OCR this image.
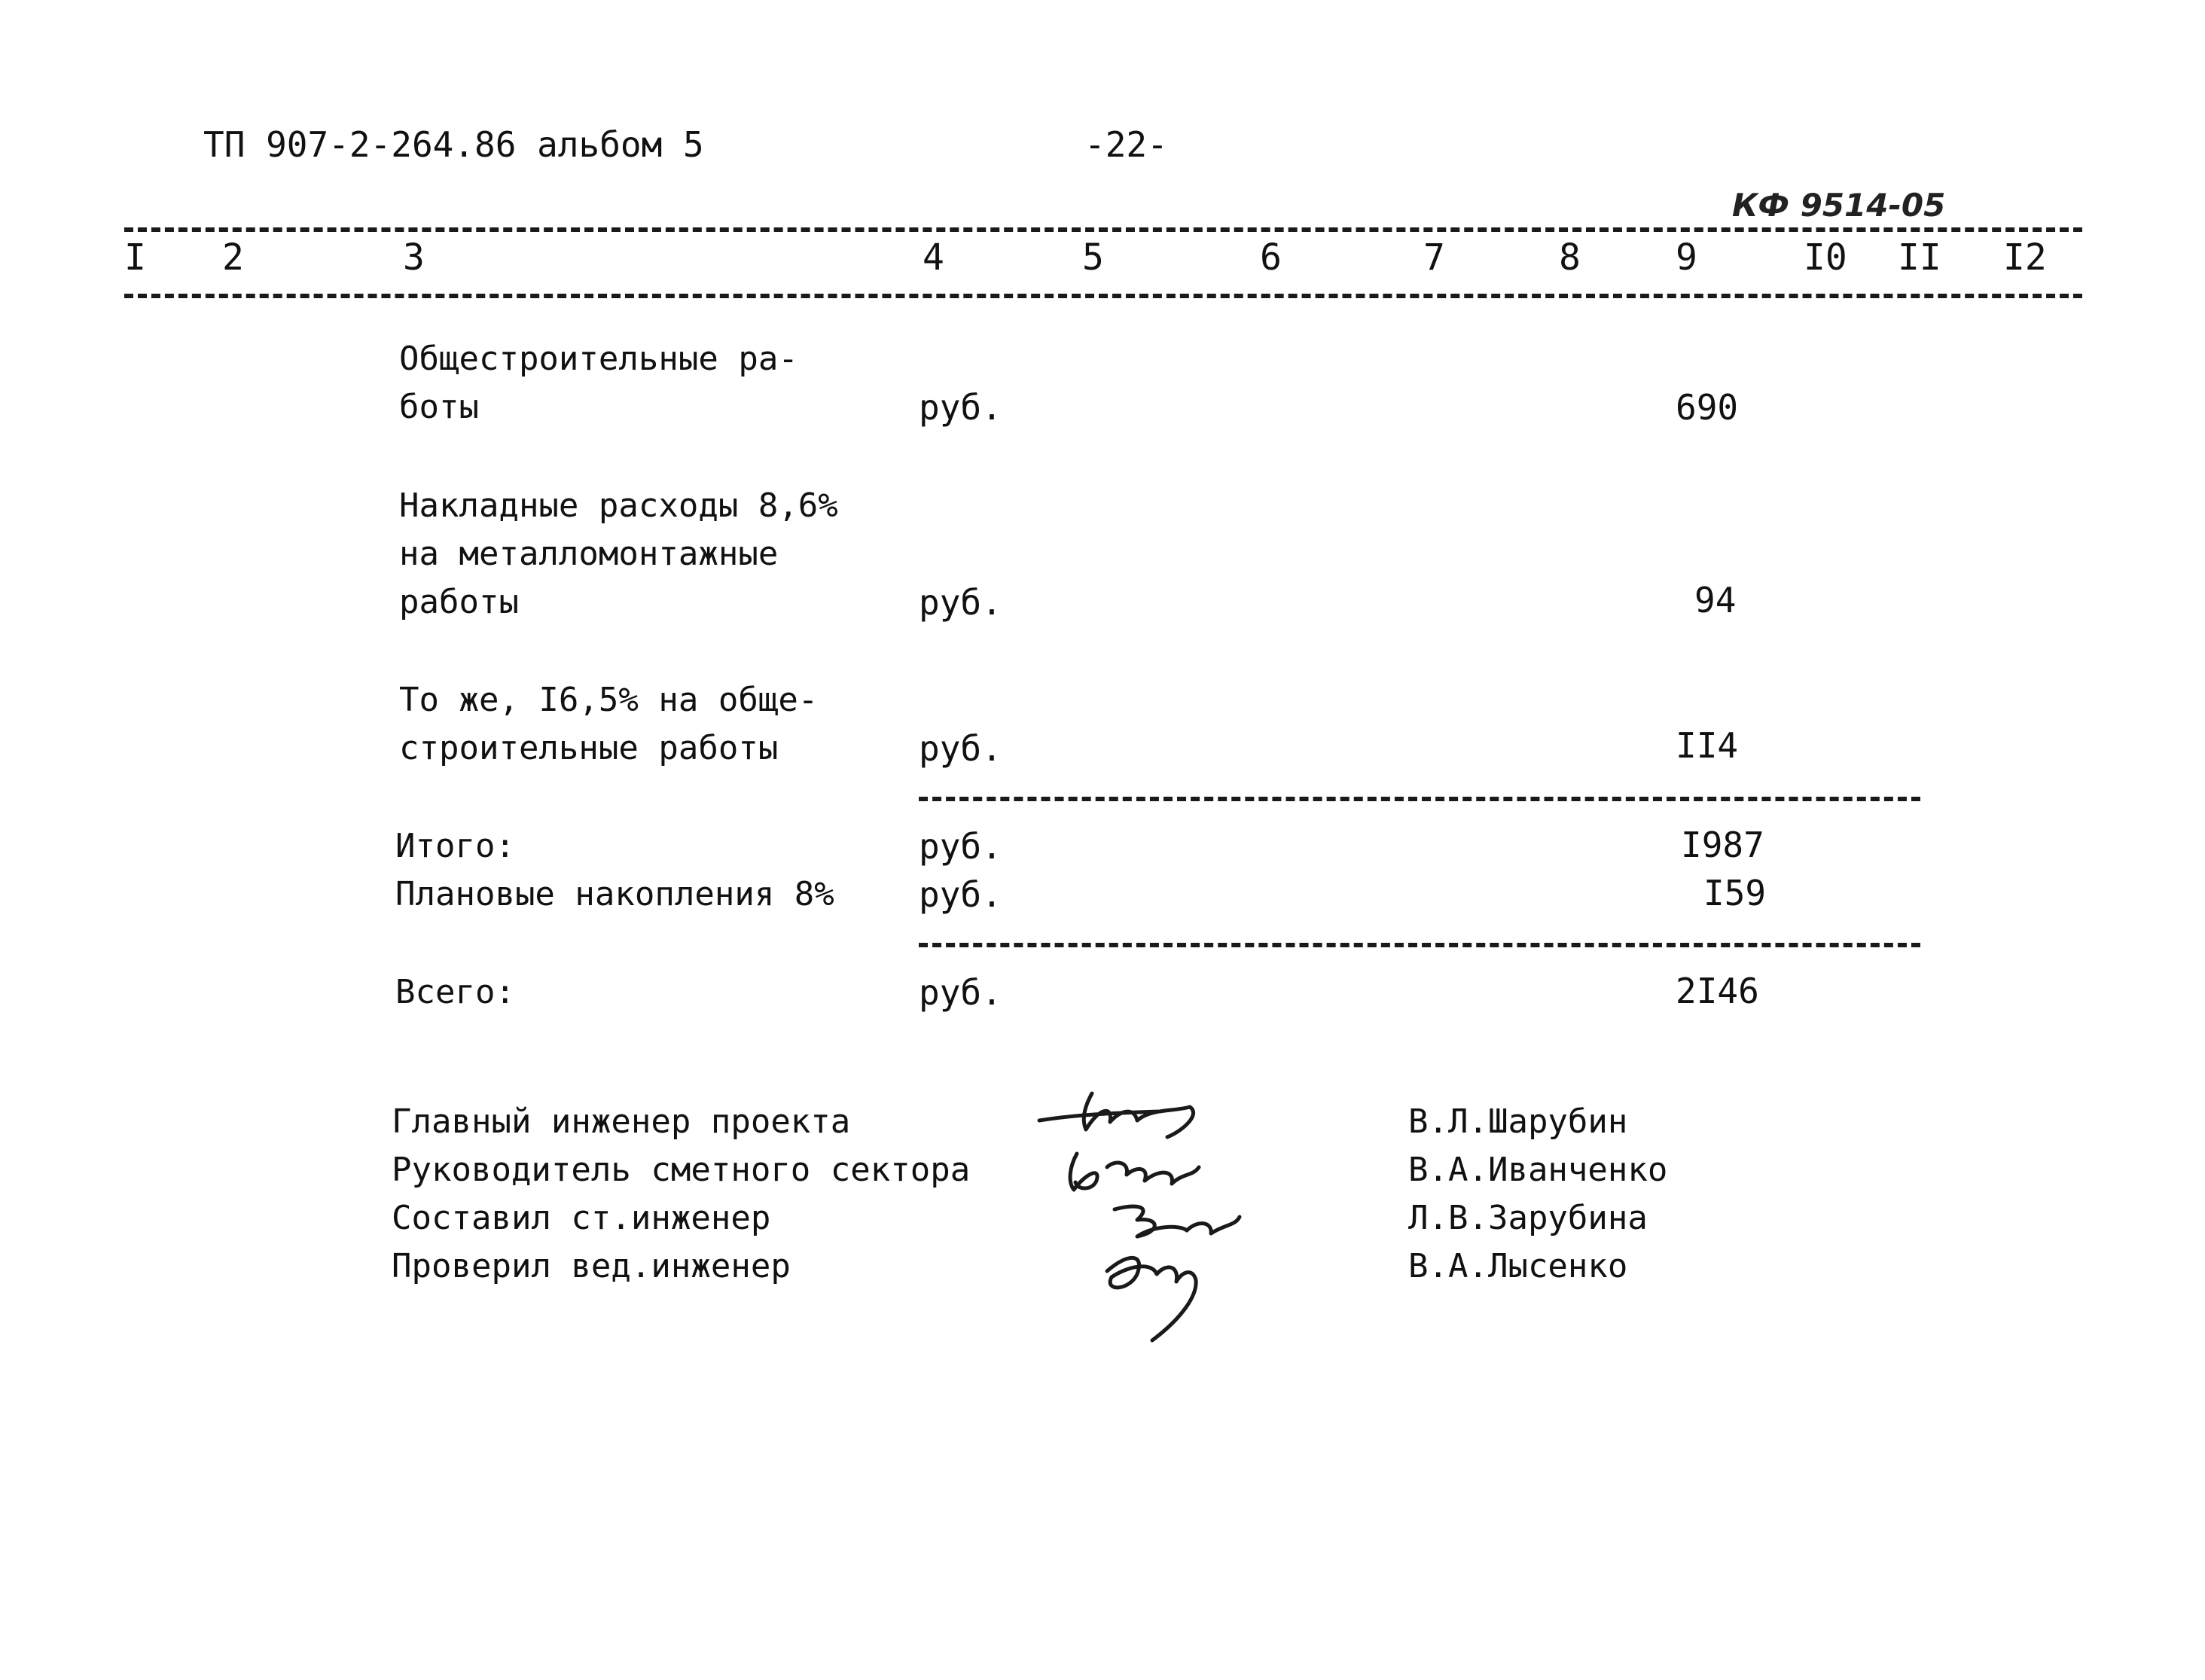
ТП 907-2-264.86 альбом 5	-22-
КФ 9514-05
I 2	3	4	5	6	7	8	9	I0 II I2
Общестроительные ра-
боты	руб.	690
Накладные расходы 8,6%
на металломонтажные
работы	руб.	94
То же, I6,5% на обще-
строительные работы	руб.	II4
Итого:	руб.	I987
Плановые накопления 8% руб.	I59
Всего:	руб.	2I46
Главный инженер проекта	В.Л.Шарубин
Руководитель сметного сектора	В.А.Иванченко
Составил ст.инженер	Л.В.Зарубина
Проверил вед.инженер	В.А.Лысенко
